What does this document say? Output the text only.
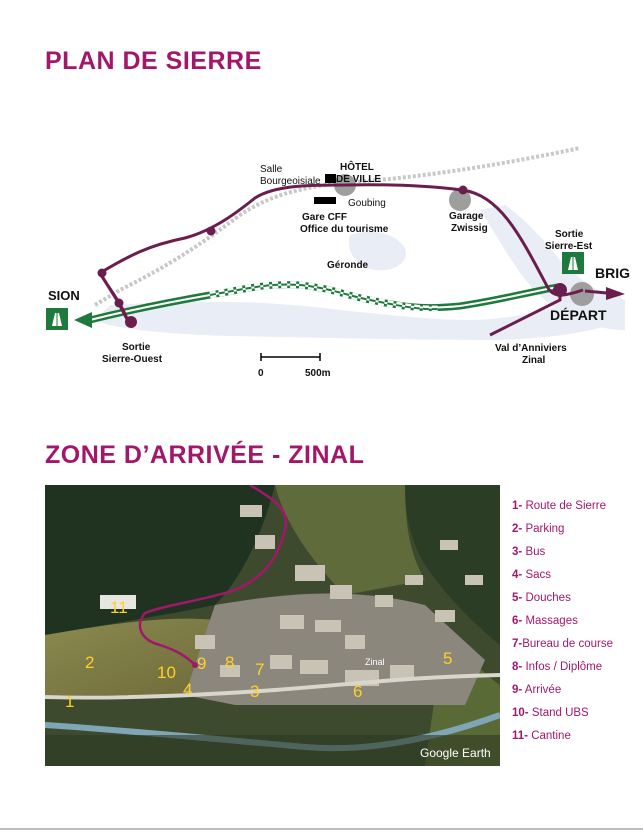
PLAN DE SIERRE
Salle
Bourgeoisiale
HÔTEL
DE VILLE
Goubing
Gare CFF
Office du tourisme
Garage
Zwissig
Géronde
Sortie
Sierre-Est
BRIG
DÉPART
SION
Sortie
Sierre-Ouest
Val d’Anniviers
Zinal
0	500m
ZONE D’ARRIVÉE - ZINAL
Zinal
Google Earth
1
2
3
4
5
6
7
8
9
10
11
1- Route de Sierre
2- Parking
3- Bus
4- Sacs
5- Douches
6- Massages
7-Bureau de course
8- Infos / Diplôme
9- Arrivée
10- Stand UBS
11- Cantine
